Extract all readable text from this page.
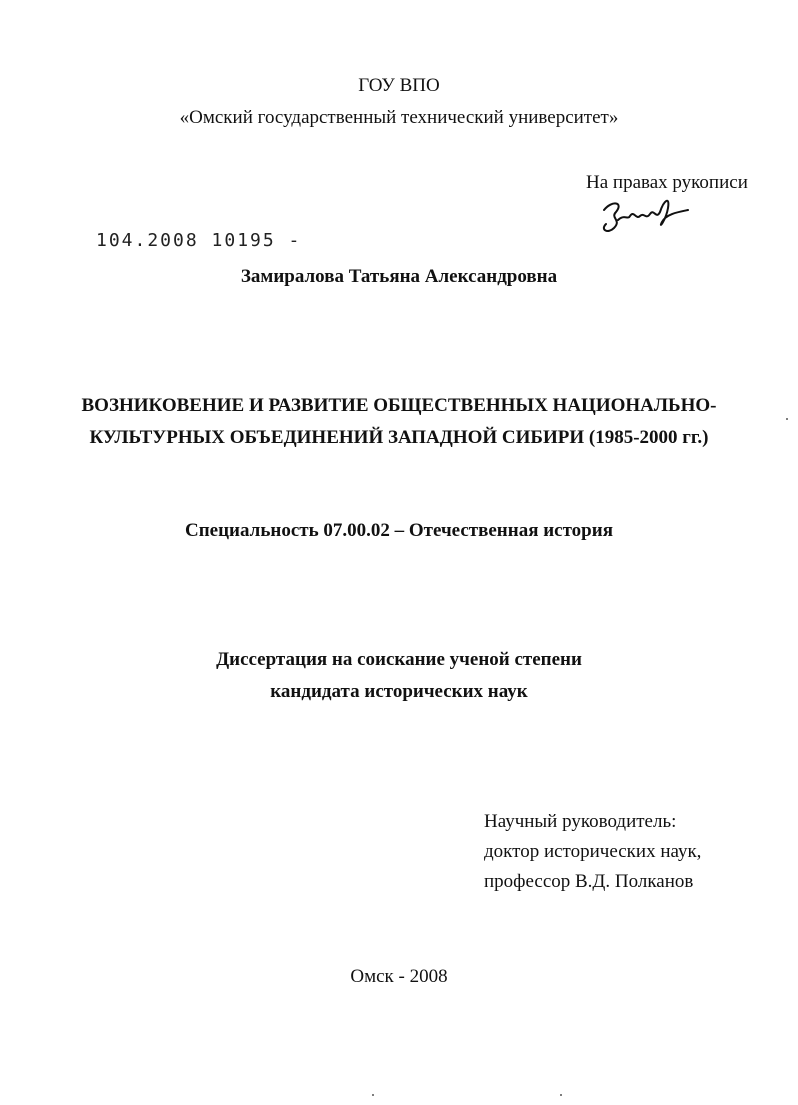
ГОУ ВПО
«Омский государственный технический университет»
На правах рукописи
104.2008 10195 -
Замиралова Татьяна Александровна
ВОЗНИКОВЕНИЕ И РАЗВИТИЕ ОБЩЕСТВЕННЫХ НАЦИОНАЛЬНО-
КУЛЬТУРНЫХ ОБЪЕДИНЕНИЙ ЗАПАДНОЙ СИБИРИ (1985-2000 гг.)
Специальность 07.00.02 – Отечественная история
Диссертация на соискание ученой степени
кандидата исторических наук
Научный руководитель:
доктор исторических наук,
профессор В.Д. Полканов
Омск - 2008
